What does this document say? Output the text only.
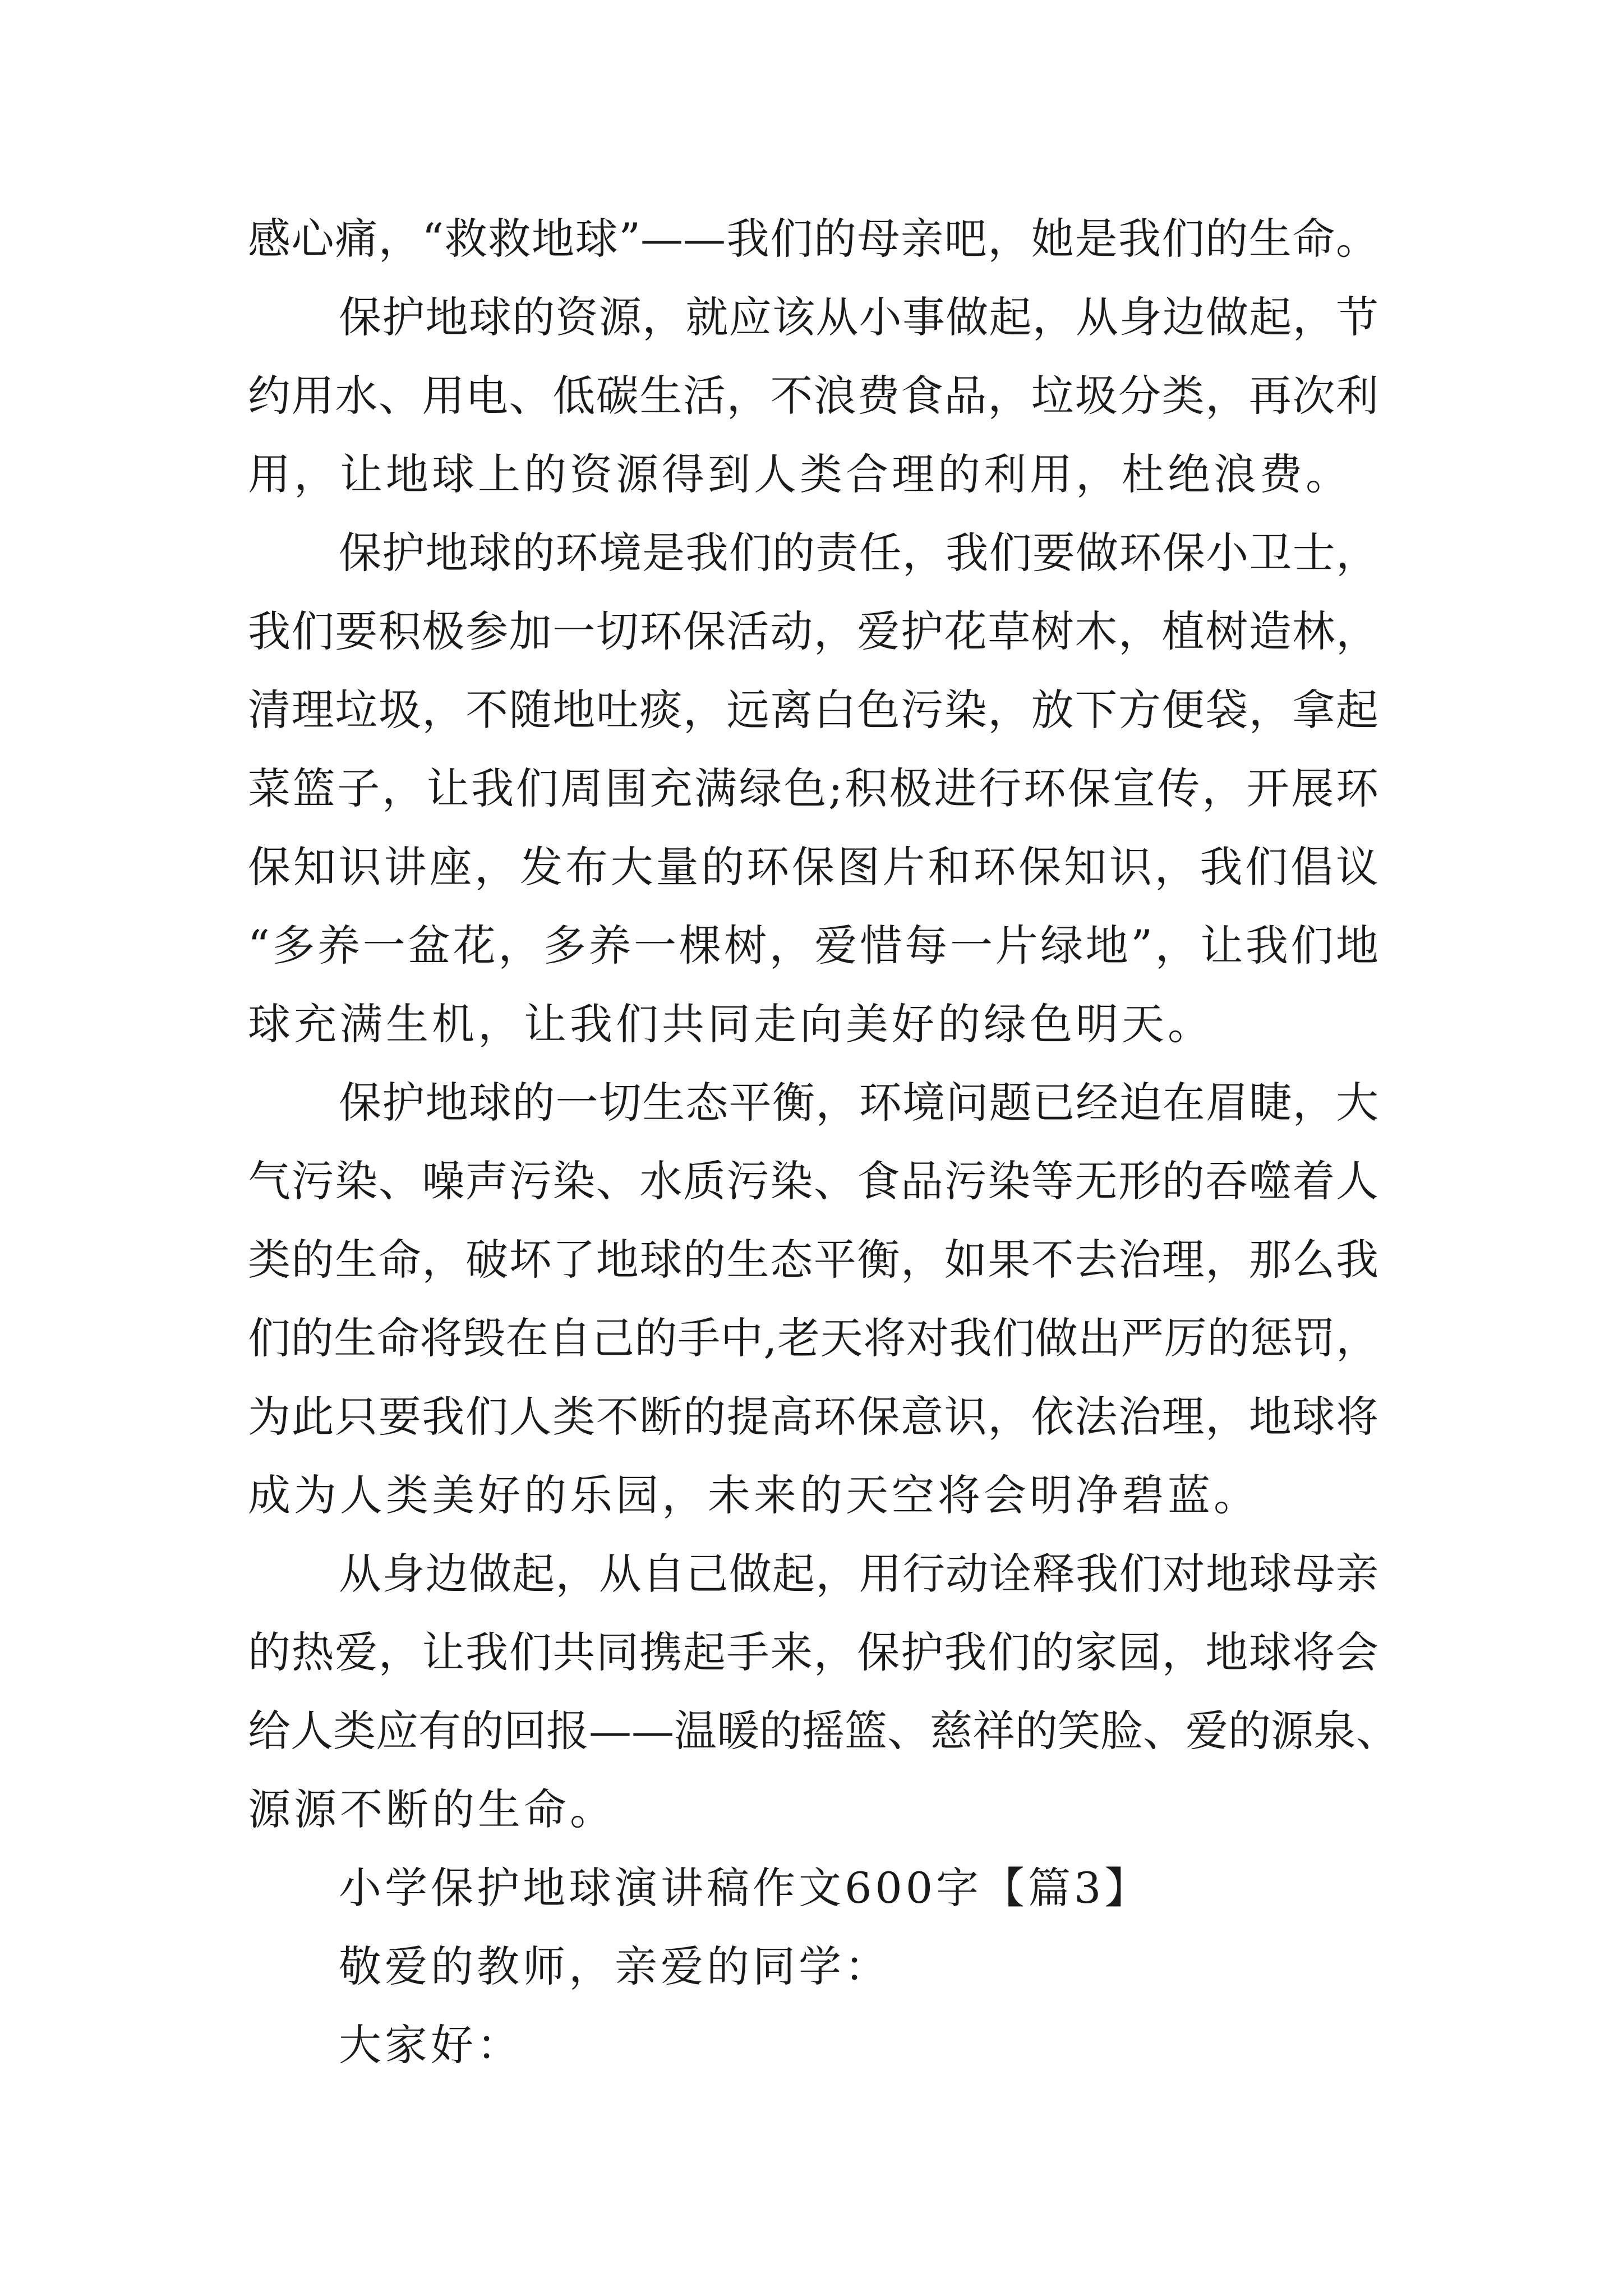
感心痛，“救救地球”——我们的母亲吧，她是我们的生命。
保护地球的资源，就应该从小事做起，从身边做起，节
约用水、用电、低碳生活，不浪费食品，垃圾分类，再次利
用，让地球上的资源得到人类合理的利用，杜绝浪费。
保护地球的环境是我们的责任，我们要做环保小卫士，
我们要积极参加一切环保活动，爱护花草树木，植树造林，
清理垃圾，不随地吐痰，远离白色污染，放下方便袋，拿起
菜篮子，让我们周围充满绿色;积极进行环保宣传，开展环
保知识讲座，发布大量的环保图片和环保知识，我们倡议
“多养一盆花，多养一棵树，爱惜每一片绿地”，让我们地
球充满生机，让我们共同走向美好的绿色明天。
保护地球的一切生态平衡，环境问题已经迫在眉睫，大
气污染、噪声污染、水质污染、食品污染等无形的吞噬着人
类的生命，破坏了地球的生态平衡，如果不去治理，那么我
们的生命将毁在自己的手中,老天将对我们做出严厉的惩罚，
为此只要我们人类不断的提高环保意识，依法治理，地球将
成为人类美好的乐园，未来的天空将会明净碧蓝。
从身边做起，从自己做起，用行动诠释我们对地球母亲
的热爱，让我们共同携起手来，保护我们的家园，地球将会
给人类应有的回报——温暖的摇篮、慈祥的笑脸、爱的源泉、
源源不断的生命。
小学保护地球演讲稿作文600字【篇3】
敬爱的教师，亲爱的同学：
大家好：
